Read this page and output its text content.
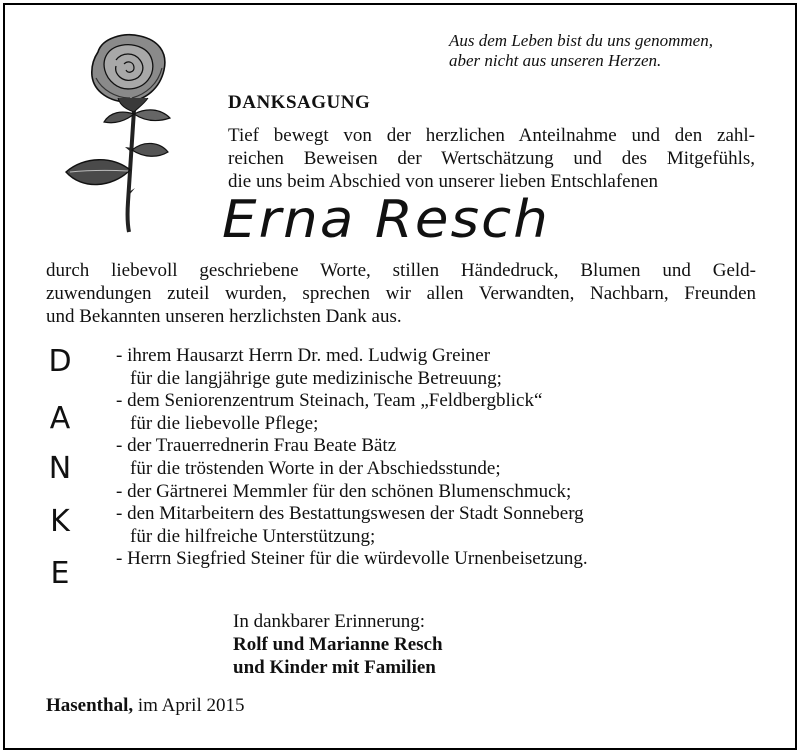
Aus dem Leben bist du uns genommen,
aber nicht aus unseren Herzen.
DANKSAGUNG
Tief bewegt von der herzlichen Anteilnahme und den zahl-
reichen Beweisen der Wertschätzung und des Mitgefühls,
die uns beim Abschied von unserer lieben Entschlafenen
Erna Resch
durch liebevoll geschriebene Worte, stillen Händedruck, Blumen und Geld-
zuwendungen zuteil wurden, sprechen wir allen Verwandten, Nachbarn, Freunden
und Bekannten unseren herzlichsten Dank aus.
D
A
N
K
E
- ihrem Hausarzt Herrn Dr. med. Ludwig Greiner
für die langjährige gute medizinische Betreuung;
- dem Seniorenzentrum Steinach, Team „Feldbergblick“
für die liebevolle Pflege;
- der Trauerrednerin Frau Beate Bätz
für die tröstenden Worte in der Abschiedsstunde;
- der Gärtnerei Memmler für den schönen Blumenschmuck;
- den Mitarbeitern des Bestattungswesen der Stadt Sonneberg
für die hilfreiche Unterstützung;
- Herrn Siegfried Steiner für die würdevolle Urnenbeisetzung.
In dankbarer Erinnerung:
Rolf und Marianne Resch
und Kinder mit Familien
Hasenthal, im April 2015
